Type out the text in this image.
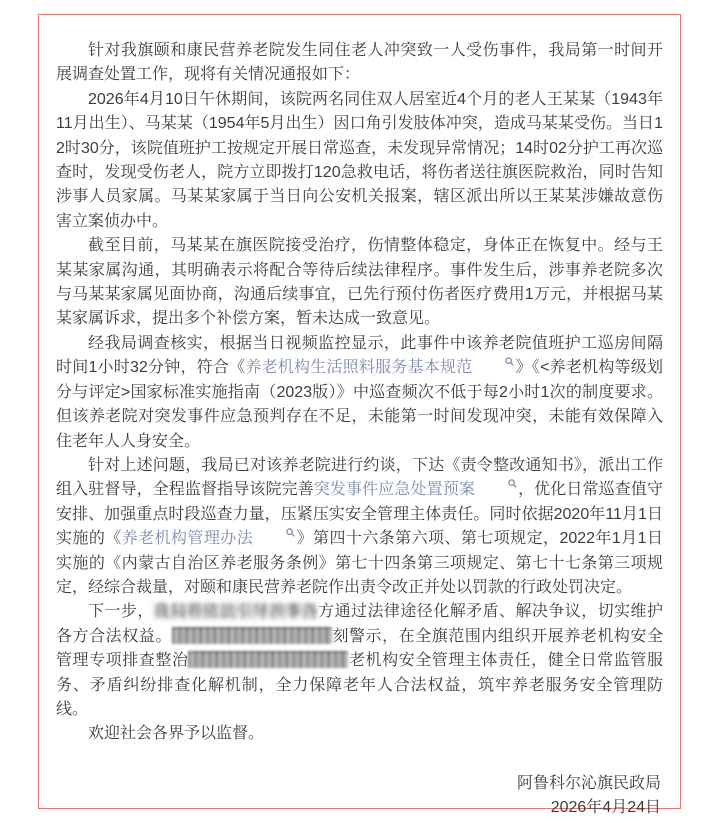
针对我旗颐和康民营养老院发生同住老人冲突致一人受伤事件，我局第一时间开展调查处置工作，现将有关情况通报如下：

2026年4月10日午休期间，该院两名同住双人居室近4个月的老人王某某（1943年11月出生）、马某某（1954年5月出生）因口角引发肢体冲突，造成马某某受伤。当日12时30分，该院值班护工按规定开展日常巡查，未发现异常情况；14时02分护工再次巡查时，发现受伤老人，院方立即拨打120急救电话，将伤者送往旗医院救治，同时告知涉事人员家属。马某某家属于当日向公安机关报案，辖区派出所以王某某涉嫌故意伤害立案侦办中。

截至目前，马某某在旗医院接受治疗，伤情整体稳定，身体正在恢复中。经与王某某家属沟通，其明确表示将配合等待后续法律程序。事件发生后，涉事养老院多次与马某某家属见面协商，沟通后续事宜，已先行预付伤者医疗费用1万元，并根据马某某家属诉求，提出多个补偿方案，暂未达成一致意见。

经我局调查核实，根据当日视频监控显示，此事件中该养老院值班护工巡房间隔时间1小时32分钟，符合《养老机构生活照料服务基本规范	》《<养老机构等级划分与评定>国家标准实施指南（2023版）》中巡查频次不低于每2小时1次的制度要求。但该养老院对突发事件应急预判存在不足，未能第一时间发现冲突，未能有效保障入住老年人人身安全。

针对上述问题，我局已对该养老院进行约谈，下达《责令整改通知书》，派出工作组入驻督导，全程监督指导该院完善突发事件应急处置预案	，优化日常巡查值守安排、加强重点时段巡查力量，压紧压实安全管理主体责任。同时依据2020年11月1日实施的《养老机构管理办法	》第四十六条第六项、第七项规定，2022年1月1日实施的《内蒙古自治区养老服务条例》第七十四条第三项规定、第七十七条第三项规定，经综合裁量，对颐和康民营养老院作出责令改正并处以罚款的行政处罚决定。

下一步，我局将依法引导涉事各方通过法律途径化解矛盾、解决争议，切实维护各方合法权益。	刻警示，在全旗范围内组织开展养老机构安全管理专项排查整治	老机构安全管理主体责任，健全日常监管服务、矛盾纠纷排查化解机制，全力保障老年人合法权益，筑牢养老服务安全管理防线。

欢迎社会各界予以监督。

阿鲁科尔沁旗民政局
2026年4月24日
